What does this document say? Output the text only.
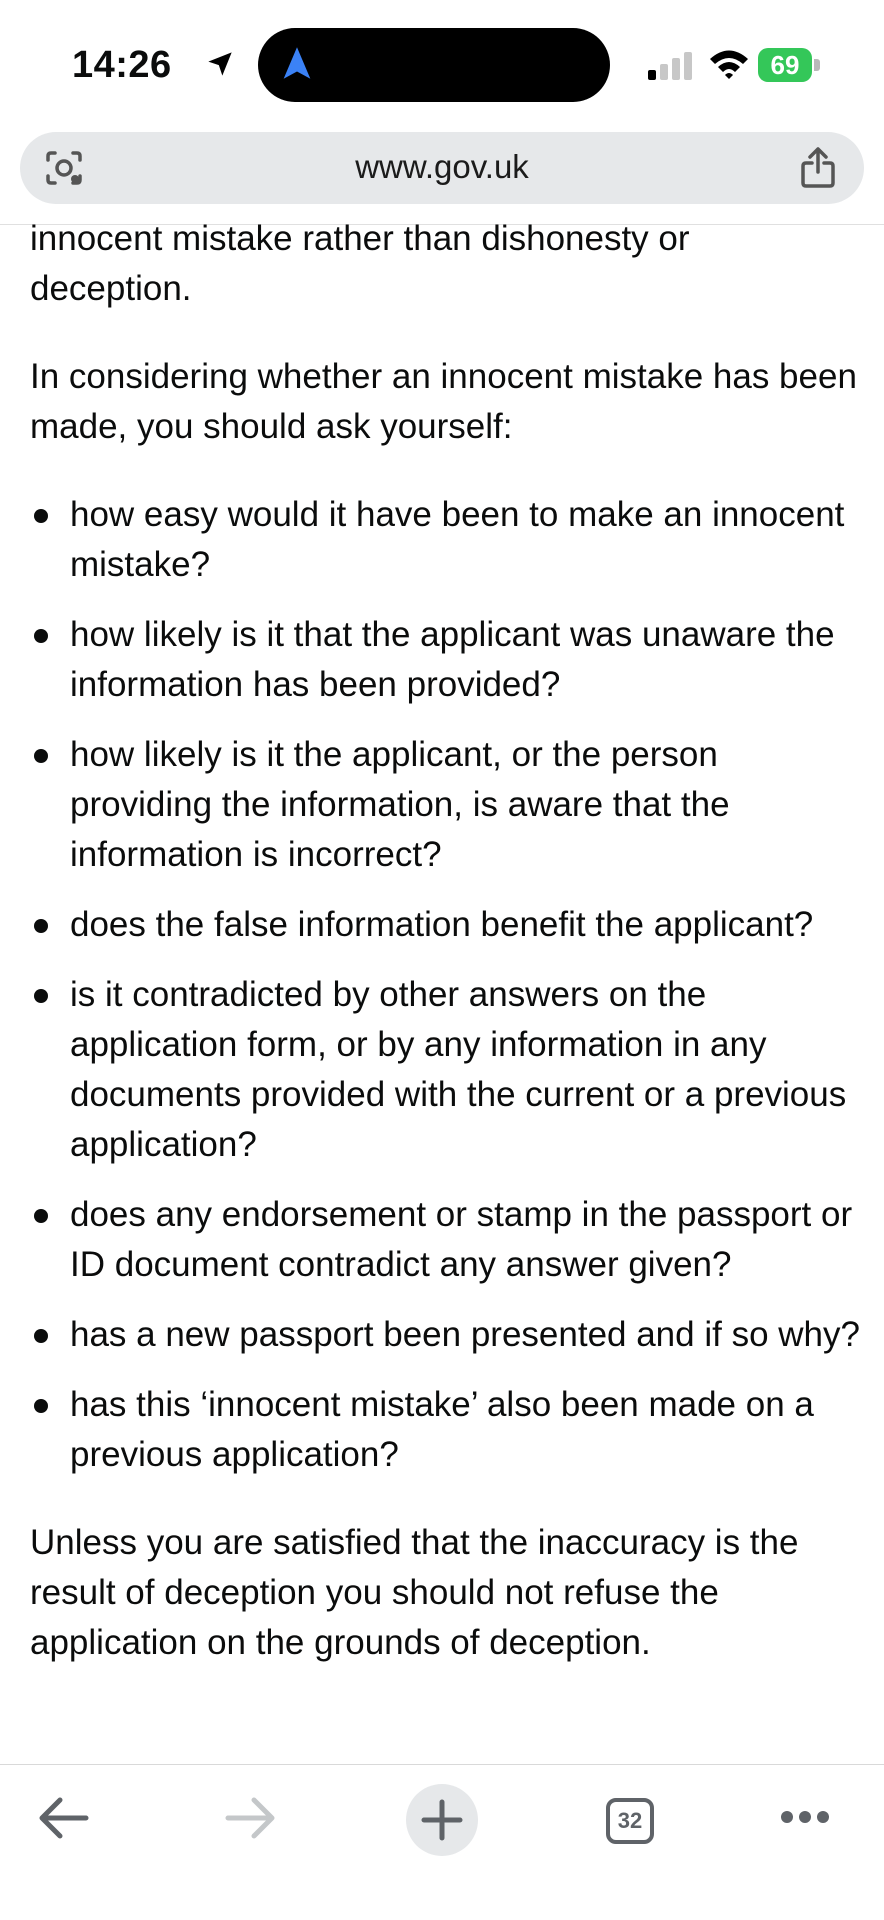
14:26	69
www.gov.uk

innocent mistake rather than dishonesty or deception.

In considering whether an innocent mistake has been made, you should ask yourself:

how easy would it have been to make an innocent mistake?
how likely is it that the applicant was unaware the information has been provided?
how likely is it the applicant, or the person providing the information, is aware that the information is incorrect?
does the false information benefit the applicant?
is it contradicted by other answers on the application form, or by any information in any documents provided with the current or a previous application?
does any endorsement or stamp in the passport or ID document contradict any answer given?
has a new passport been presented and if so why?
has this ‘innocent mistake’ also been made on a previous application?

Unless you are satisfied that the inaccuracy is the result of deception you should not refuse the application on the grounds of deception.

32
